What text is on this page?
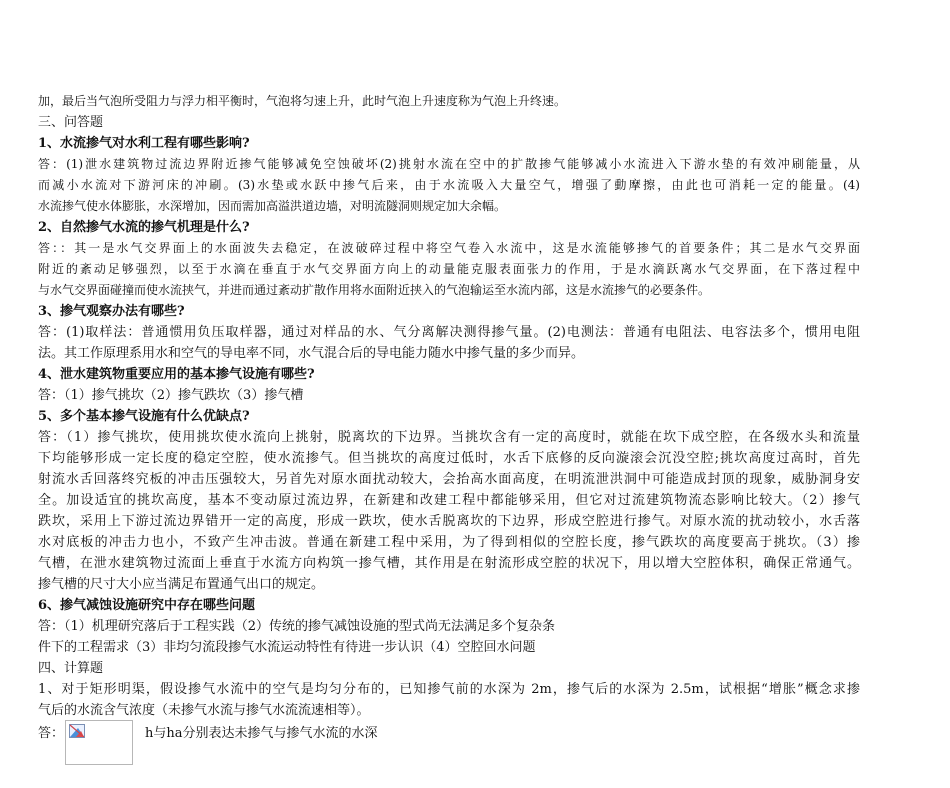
加，最后当气泡所受阻力与浮力相平衡时，气泡将匀速上升，此时气泡上升速度称为气泡上升终速。
三、问答题
1、水流掺气对水利工程有哪些影响?
答：(1)泄水建筑物过流边界附近掺气能够减免空蚀破坏(2)挑射水流在空中的扩散掺气能够减小水流进入下游水垫的有效冲刷能量，从
而减小水流对下游河床的冲刷。(3)水垫或水跃中掺气后来，由于水流吸入大量空气，增强了動摩擦，由此也可消耗一定的能量。(4)
水流掺气使水体膨胀，水深增加，因而需加高溢洪道边墙，对明流隧洞则规定加大余幅。
2、自然掺气水流的掺气机理是什么?
答：：其一是水气交界面上的水面波失去稳定，在波破碎过程中将空气卷入水流中，这是水流能够掺气的首要条件；其二是水气交界面
附近的紊动足够强烈，以至于水滴在垂直于水气交界面方向上的动量能克服表面张力的作用，于是水滴跃离水气交界面，在下落过程中
与水气交界面碰撞而使水流挟气，并进而通过紊动扩散作用将水面附近挟入的气泡输运至水流内部，这是水流掺气的必要条件。
3、掺气观察办法有哪些?
答：(1)取样法：普通惯用负压取样器，通过对样品的水、气分离解决测得掺气量。(2)电测法：普通有电阻法、电容法多个，惯用电阻
法。其工作原理系用水和空气的导电率不同，水气混合后的导电能力随水中掺气量的多少而异。
4、泄水建筑物重要应用的基本掺气设施有哪些?
答：（1）掺气挑坎（2）掺气跌坎（3）掺气槽
5、多个基本掺气设施有什么优缺点?
答：（1）掺气挑坎，使用挑坎使水流向上挑射，脱离坎的下边界。当挑坎含有一定的高度时，就能在坎下成空腔，在各级水头和流量
下均能够形成一定长度的稳定空腔，使水流掺气。但当挑坎的高度过低时，水舌下底修的反向漩滚会沉没空腔;挑坎高度过高时，首先
射流水舌回落终究板的冲击压强较大，另首先对原水面扰动较大，会抬高水面高度，在明流泄洪洞中可能造成封顶的现象，威胁洞身安
全。加设适宜的挑坎高度，基本不变动原过流边界，在新建和改建工程中都能够采用，但它对过流建筑物流态影响比较大。（2）掺气
跌坎，采用上下游过流边界错开一定的高度，形成一跌坎，使水舌脱离坎的下边界，形成空腔进行掺气。对原水流的扰动较小，水舌落
水对底板的冲击力也小，不致产生冲击波。普通在新建工程中采用，为了得到相似的空腔长度，掺气跌坎的高度要高于挑坎。（3）掺
气槽，在泄水建筑物过流面上垂直于水流方向构筑一掺气槽，其作用是在射流形成空腔的状况下，用以增大空腔体积，确保正常通气。
掺气槽的尺寸大小应当满足布置通气出口的规定。
6、掺气减蚀设施研究中存在哪些问题
答：（1）机理研究落后于工程实践（2）传统的掺气减蚀设施的型式尚无法满足多个复杂条
件下的工程需求（3）非均匀流段掺气水流运动特性有待进一步认识（4）空腔回水问题
四、计算题
1、对于矩形明渠，假设掺气水流中的空气是均匀分布的，已知掺气前的水深为 2m，掺气后的水深为 2.5m，试根据“增胀”概念求掺
气后的水流含气浓度（未掺气水流与掺气水流流速相等）。
答：	h与ha分别表达未掺气与掺气水流的水深
